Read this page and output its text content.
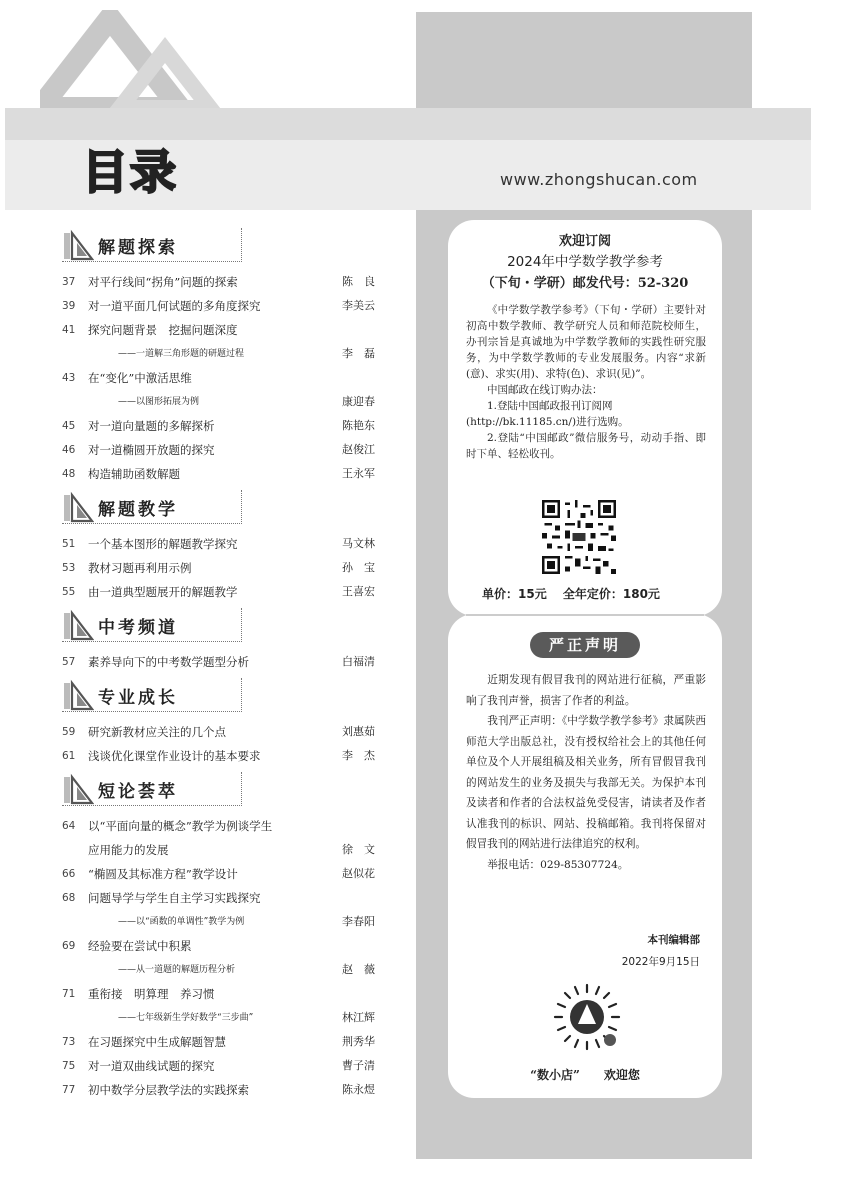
目录	www.zhongshucan.com
解题探索
37	对平行线间“拐角”问题的探索	陈　良
39	对一道平面几何试题的多角度探究	李美云
41	探究问题背景　挖掘问题深度
——一道解三角形题的研题过程	李　磊
43	在“变化”中激活思维
——以图形拓展为例	康迎春
45	对一道向量题的多解探析	陈艳东
46	对一道椭圆开放题的探究	赵俊江
48	构造辅助函数解题	王永军
解题教学
51	一个基本图形的解题教学探究	马文林
53	教材习题再利用示例	孙　宝
55	由一道典型题展开的解题教学	王喜宏
中考频道
57	素养导向下的中考数学题型分析	白福清
专业成长
59	研究新教材应关注的几个点	刘惠茹
61	浅谈优化课堂作业设计的基本要求	李　杰
短论荟萃
64	以“平面向量的概念”教学为例谈学生
应用能力的发展	徐　文
66	“椭圆及其标准方程”教学设计	赵似花
68	问题导学与学生自主学习实践探究
——以“函数的单调性”教学为例	李春阳
69	经验要在尝试中积累
——从一道题的解题历程分析	赵　薇
71	重衔接　明算理　养习惯
——七年级新生学好数学“三步曲”	林江辉
73	在习题探究中生成解题智慧	荆秀华
75	对一道双曲线试题的探究	曹子清
77	初中数学分层教学法的实践探索	陈永煜
欢迎订阅
2024年中学数学教学参考
（下旬・学研）邮发代号：52-320

《中学数学教学参考》（下旬・学研）主要针对初高中数学教师、教学研究人员和师范院校师生，办刊宗旨是真诚地为中学数学教师的实践性研究服务，为中学数学教师的专业发展服务。内容“求新(意)、求实(用)、求特(色)、求识(见)”。

中国邮政在线订购办法：

1.登陆中国邮政报刊订阅网

(http://bk.11185.cn/)进行选购。

2.登陆“中国邮政”微信服务号，动动手指、即时下单、轻松收刊。

单价：15元　 全年定价：180元
严正声明

近期发现有假冒我刊的网站进行征稿，严重影响了我刊声誉，损害了作者的利益。

我刊严正声明：《中学数学教学参考》隶属陕西师范大学出版总社，没有授权给社会上的其他任何单位及个人开展组稿及相关业务，所有冒假冒我刊的网站发生的业务及损失与我部无关。为保护本刊及读者和作者的合法权益免受侵害，请读者及作者认准我刊的标识、网站、投稿邮箱。我刊将保留对假冒我刊的网站进行法律追究的权利。

举报电话：029-85307724。

本刊编辑部
2022年9月15日
“数小店”　　欢迎您
